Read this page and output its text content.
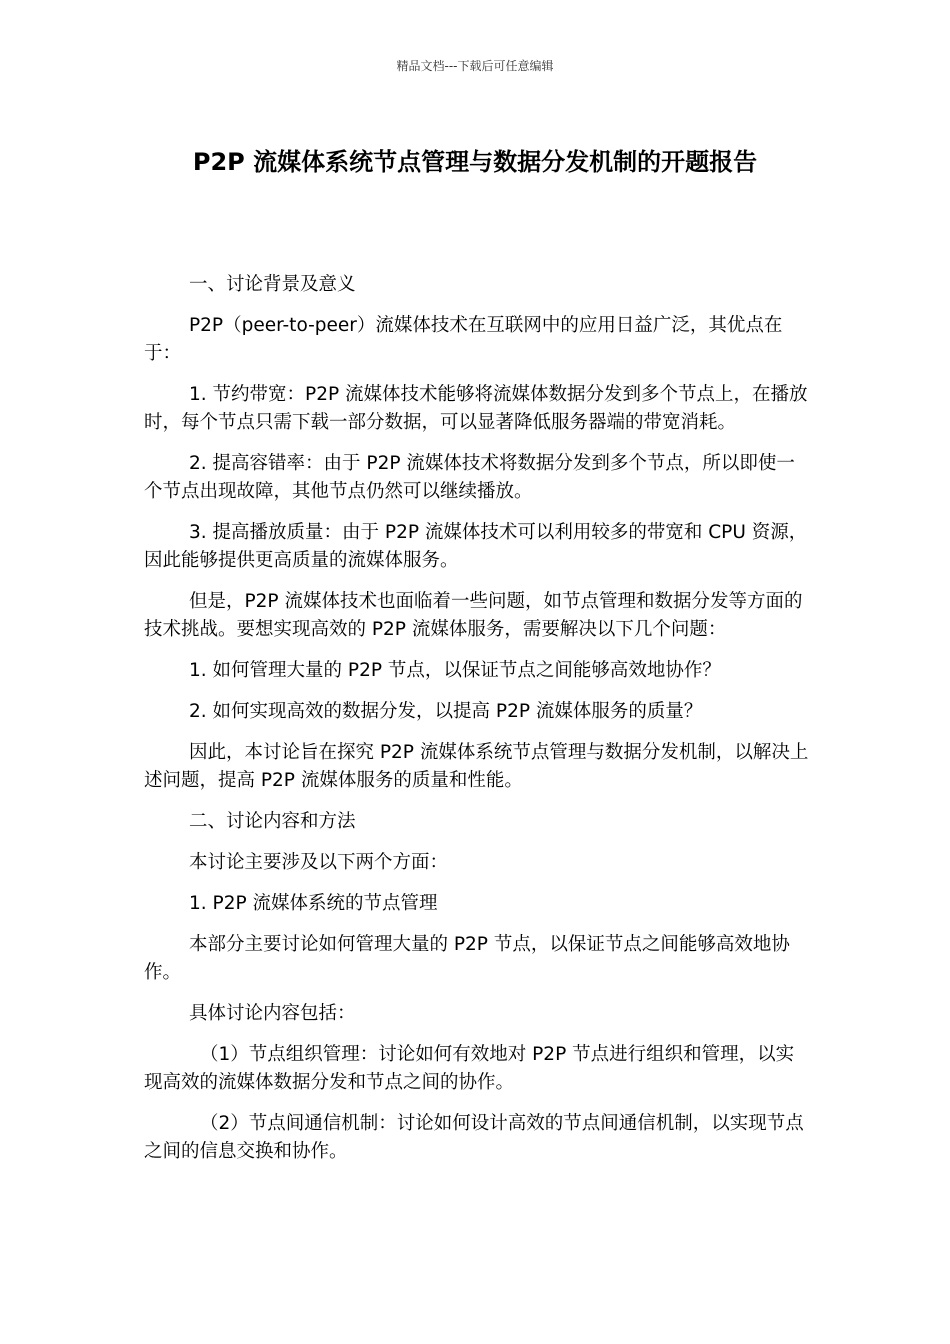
精品文档---下载后可任意编辑
P2P 流媒体系统节点管理与数据分发机制的开题报告

一、讨论背景及意义

P2P（peer-to-peer）流媒体技术在互联网中的应用日益广泛，其优点在于：

1. 节约带宽：P2P 流媒体技术能够将流媒体数据分发到多个节点上，在播放时，每个节点只需下载一部分数据，可以显著降低服务器端的带宽消耗。

2. 提高容错率：由于 P2P 流媒体技术将数据分发到多个节点，所以即使一个节点出现故障，其他节点仍然可以继续播放。

3. 提高播放质量：由于 P2P 流媒体技术可以利用较多的带宽和 CPU 资源，因此能够提供更高质量的流媒体服务。

但是，P2P 流媒体技术也面临着一些问题，如节点管理和数据分发等方面的技术挑战。要想实现高效的 P2P 流媒体服务，需要解决以下几个问题：

1. 如何管理大量的 P2P 节点，以保证节点之间能够高效地协作？

2. 如何实现高效的数据分发，以提高 P2P 流媒体服务的质量？

因此，本讨论旨在探究 P2P 流媒体系统节点管理与数据分发机制，以解决上述问题，提高 P2P 流媒体服务的质量和性能。

二、讨论内容和方法

本讨论主要涉及以下两个方面：

1. P2P 流媒体系统的节点管理

本部分主要讨论如何管理大量的 P2P 节点，以保证节点之间能够高效地协作。

具体讨论内容包括：

（1）节点组织管理：讨论如何有效地对 P2P 节点进行组织和管理，以实现高效的流媒体数据分发和节点之间的协作。

（2）节点间通信机制：讨论如何设计高效的节点间通信机制，以实现节点之间的信息交换和协作。
